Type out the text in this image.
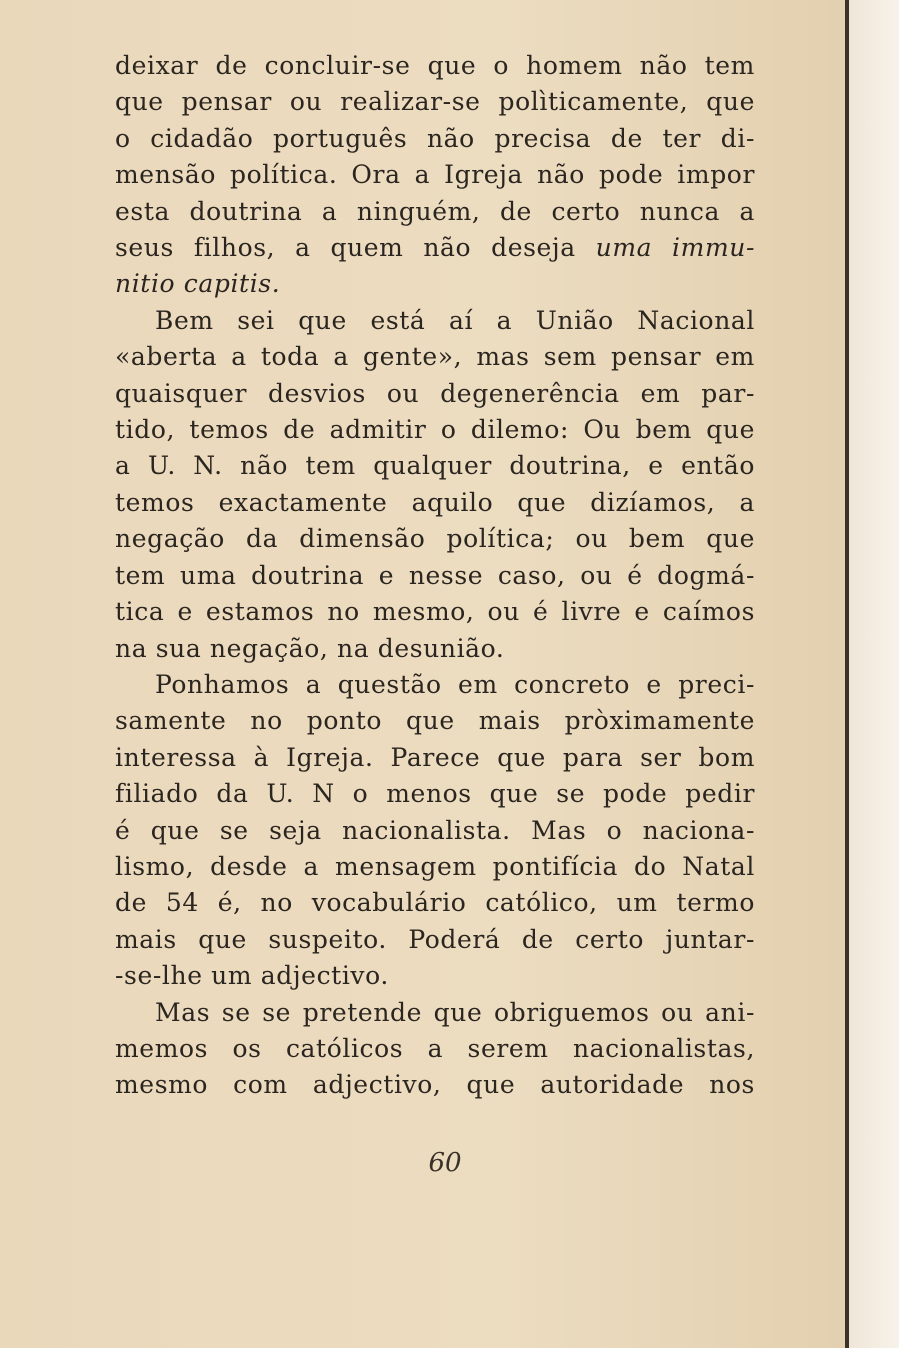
deixar de concluir-se que o homem não tem
que pensar ou realizar-se polìticamente, que
o cidadão português não precisa de ter di-
mensão política. Ora a Igreja não pode impor
esta doutrina a ninguém, de certo nunca a
seus filhos, a quem não deseja uma immu-
nitio capitis.

Bem sei que está aí a União Nacional
«aberta a toda a gente», mas sem pensar em
quaisquer desvios ou degenerência em par-
tido, temos de admitir o dilemo: Ou bem que
a U. N. não tem qualquer doutrina, e então
temos exactamente aquilo que dizíamos, a
negação da dimensão política; ou bem que
tem uma doutrina e nesse caso, ou é dogmá-
tica e estamos no mesmo, ou é livre e caímos
na sua negação, na desunião.

Ponhamos a questão em concreto e preci-
samente no ponto que mais pròximamente
interessa à Igreja. Parece que para ser bom
filiado da U. N o menos que se pode pedir
é que se seja nacionalista. Mas o naciona-
lismo, desde a mensagem pontifícia do Natal
de 54 é, no vocabulário católico, um termo
mais que suspeito. Poderá de certo juntar-
-se-lhe um adjectivo.

Mas se se pretende que obriguemos ou ani-
memos os católicos a serem nacionalistas,
mesmo com adjectivo, que autoridade nos

60
